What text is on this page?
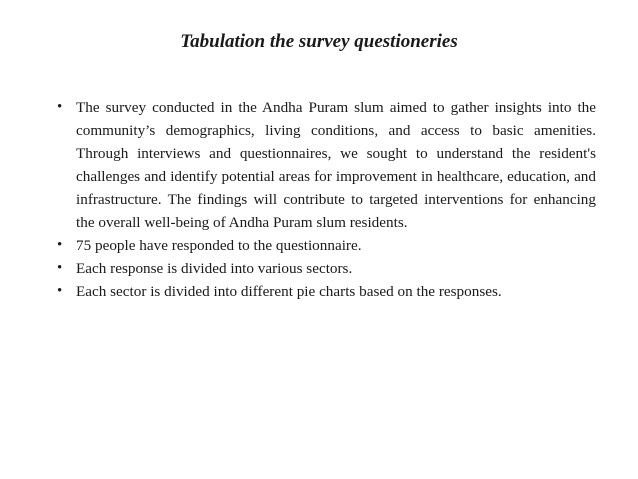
Tabulation the survey questioneries
• The survey conducted in the Andha Puram slum aimed to gather insights into the community’s demographics, living conditions, and access to basic amenities. Through interviews and questionnaires, we sought to understand the resident's challenges and identify potential areas for improvement in healthcare, education, and infrastructure. The findings will contribute to targeted interventions for enhancing the overall well-being of Andha Puram slum residents.
• 75 people have responded to the questionnaire.
• Each response is divided into various sectors.
• Each sector is divided into different pie charts based on the responses.
